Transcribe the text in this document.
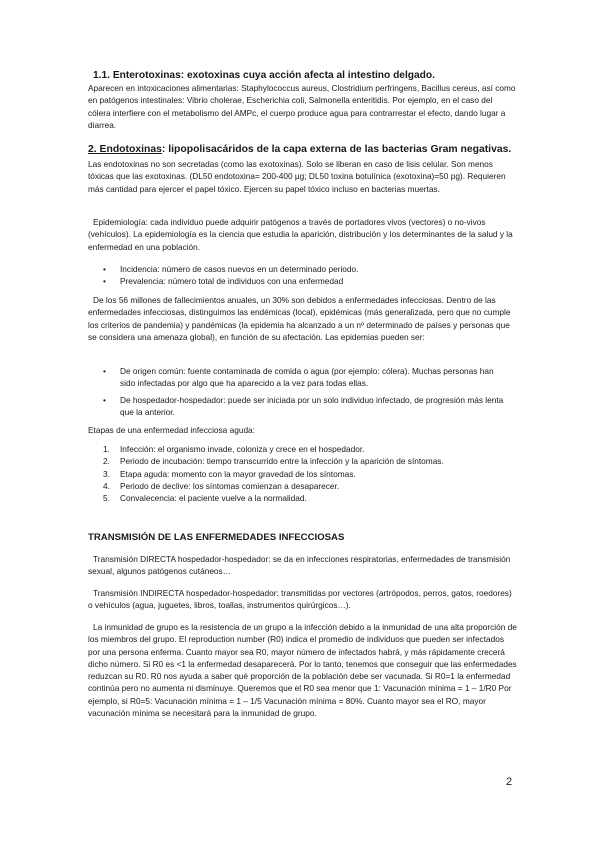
1.1. Enterotoxinas: exotoxinas cuya acción afecta al intestino delgado.

Aparecen en intoxicaciones alimentarias: Staphylococcus aureus, Clostridium perfringens, Bacillus cereus, así como en patógenos intestinales: Vibrio cholerae, Escherichia coli, Salmonella enteritidis. Por ejemplo, en el caso del cólera interfiere con el metabolismo del AMPc, el cuerpo produce agua para contrarrestar el efecto, dando lugar a diarrea.

2. Endotoxinas: lipopolisacáridos de la capa externa de las bacterias Gram negativas.

Las endotoxinas no son secretadas (como las exotoxinas). Solo se liberan en caso de lisis celular. Son menos tóxicas que las exotoxinas. (DL50 endotoxina= 200-400 μg; DL50 toxina botulínica (exotoxina)=50 pg). Requieren más cantidad para ejercer el papel tóxico. Ejercen su papel tóxico incluso en bacterias muertas.

Epidemiología: cada individuo puede adquirir patógenos a través de portadores vivos (vectores) o no-vivos (vehículos). La epidemiología es la ciencia que estudia la aparición, distribución y los determinantes de la salud y la enfermedad en una población.

• Incidencia: número de casos nuevos en un determinado periodo.
• Prevalencia: número total de individuos con una enfermedad

De los 56 millones de fallecimientos anuales, un 30% son debidos a enfermedades infecciosas. Dentro de las enfermedades infecciosas, distinguimos las endémicas (local), epidémicas (más generalizada, pero que no cumple los criterios de pandemia) y pandémicas (la epidemia ha alcanzado a un nº determinado de países y personas que se considera una amenaza global), en función de su afectación. Las epidemias pueden ser:

• De origen común: fuente contaminada de comida o agua (por ejemplo: cólera). Muchas personas han sido infectadas por algo que ha aparecido a la vez para todas ellas.
• De hospedador-hospedador: puede ser iniciada por un solo individuo infectado, de progresión más lenta que la anterior.

Etapas de una enfermedad infecciosa aguda:

1. Infección: el organismo invade, coloniza y crece en el hospedador.
2. Periodo de incubación: tiempo transcurrido entre la infección y la aparición de síntomas.
3. Etapa aguda: momento con la mayor gravedad de los síntomas.
4. Periodo de declive: los síntomas comienzan a desaparecer.
5. Convalecencia: el paciente vuelve a la normalidad.

TRANSMISIÓN DE LAS ENFERMEDADES INFECCIOSAS

Transmisión DIRECTA hospedador-hospedador: se da en infecciones respiratorias, enfermedades de transmisión sexual, algunos patógenos cutáneos…

Transmisión INDIRECTA hospedador-hospedador: transmitidas por vectores (artrópodos, perros, gatos, roedores) o vehículos (agua, juguetes, libros, toallas, instrumentos quirúrgicos…).

La inmunidad de grupo es la resistencia de un grupo a la infección debido a la inmunidad de una alta proporción de los miembros del grupo. El reproduction number (R0) indica el promedio de individuos que pueden ser infectados por una persona enferma. Cuanto mayor sea R0, mayor número de infectados habrá, y más rápidamente crecerá dicho número. Si R0 es <1 la enfermedad desaparecerá. Por lo tanto, tenemos que conseguir que las enfermedades reduzcan su R0. R0 nos ayuda a saber qué proporción de la población debe ser vacunada. Si R0=1 la enfermedad continúa pero no aumenta ni disminuye. Queremos que el R0 sea menor que 1: Vacunación mínima = 1 – 1/R0 Por ejemplo, si R0=5: Vacunación mínima = 1 – 1/5 Vacunación mínima = 80%. Cuanto mayor sea el RO, mayor vacunación mínima se necesitará para la inmunidad de grupo.

2
